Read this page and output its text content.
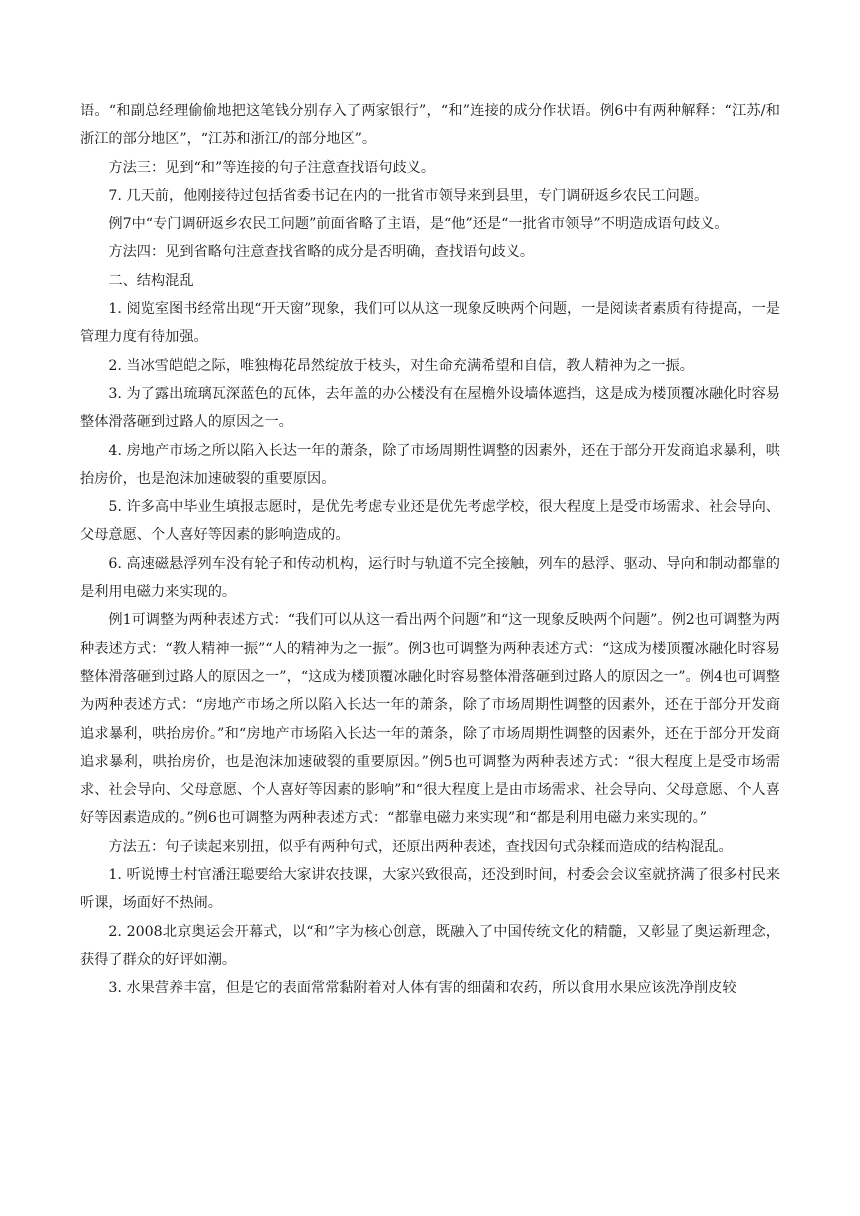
语。“和副总经理偷偷地把这笔钱分别存入了两家银行”，“和”连接的成分作状语。例6中有两种解释：“江苏/和浙江的部分地区”，“江苏和浙江/的部分地区”。

方法三：见到“和”等连接的句子注意查找语句歧义。

7. 几天前，他刚接待过包括省委书记在内的一批省市领导来到县里，专门调研返乡农民工问题。

例7中“专门调研返乡农民工问题”前面省略了主语，是“他”还是“一批省市领导”不明造成语句歧义。

方法四：见到省略句注意查找省略的成分是否明确，查找语句歧义。

二、结构混乱

1. 阅览室图书经常出现“开天窗”现象，我们可以从这一现象反映两个问题，一是阅读者素质有待提高，一是管理力度有待加强。

2. 当冰雪皑皑之际，唯独梅花昂然绽放于枝头，对生命充满希望和自信，教人精神为之一振。

3. 为了露出琉璃瓦深蓝色的瓦体，去年盖的办公楼没有在屋檐外设墙体遮挡，这是成为楼顶覆冰融化时容易整体滑落砸到过路人的原因之一。

4. 房地产市场之所以陷入长达一年的萧条，除了市场周期性调整的因素外，还在于部分开发商追求暴利，哄抬房价，也是泡沫加速破裂的重要原因。

5. 许多高中毕业生填报志愿时，是优先考虑专业还是优先考虑学校，很大程度上是受市场需求、社会导向、父母意愿、个人喜好等因素的影响造成的。

6. 高速磁悬浮列车没有轮子和传动机构，运行时与轨道不完全接触，列车的悬浮、驱动、导向和制动都靠的是利用电磁力来实现的。

例1可调整为两种表述方式：“我们可以从这一看出两个问题”和“这一现象反映两个问题”。例2也可调整为两种表述方式：“教人精神一振”“人的精神为之一振”。例3也可调整为两种表述方式：“这成为楼顶覆冰融化时容易整体滑落砸到过路人的原因之一”，“这成为楼顶覆冰融化时容易整体滑落砸到过路人的原因之一”。例4也可调整为两种表述方式：“房地产市场之所以陷入长达一年的萧条，除了市场周期性调整的因素外，还在于部分开发商追求暴利，哄抬房价。”和“房地产市场陷入长达一年的萧条，除了市场周期性调整的因素外，还在于部分开发商追求暴利，哄抬房价，也是泡沫加速破裂的重要原因。”例5也可调整为两种表述方式：“很大程度上是受市场需求、社会导向、父母意愿、个人喜好等因素的影响”和“很大程度上是由市场需求、社会导向、父母意愿、个人喜好等因素造成的。”例6也可调整为两种表述方式：“都靠电磁力来实现”和“都是利用电磁力来实现的。”

方法五：句子读起来别扭，似乎有两种句式，还原出两种表述，查找因句式杂糅而造成的结构混乱。

1. 听说博士村官潘汪聪要给大家讲农技课，大家兴致很高，还没到时间，村委会会议室就挤满了很多村民来听课，场面好不热闹。

2. 2008北京奥运会开幕式，以“和”字为核心创意，既融入了中国传统文化的精髓，又彰显了奥运新理念，获得了群众的好评如潮。

3. 水果营养丰富，但是它的表面常常黏附着对人体有害的细菌和农药，所以食用水果应该洗净削皮较
